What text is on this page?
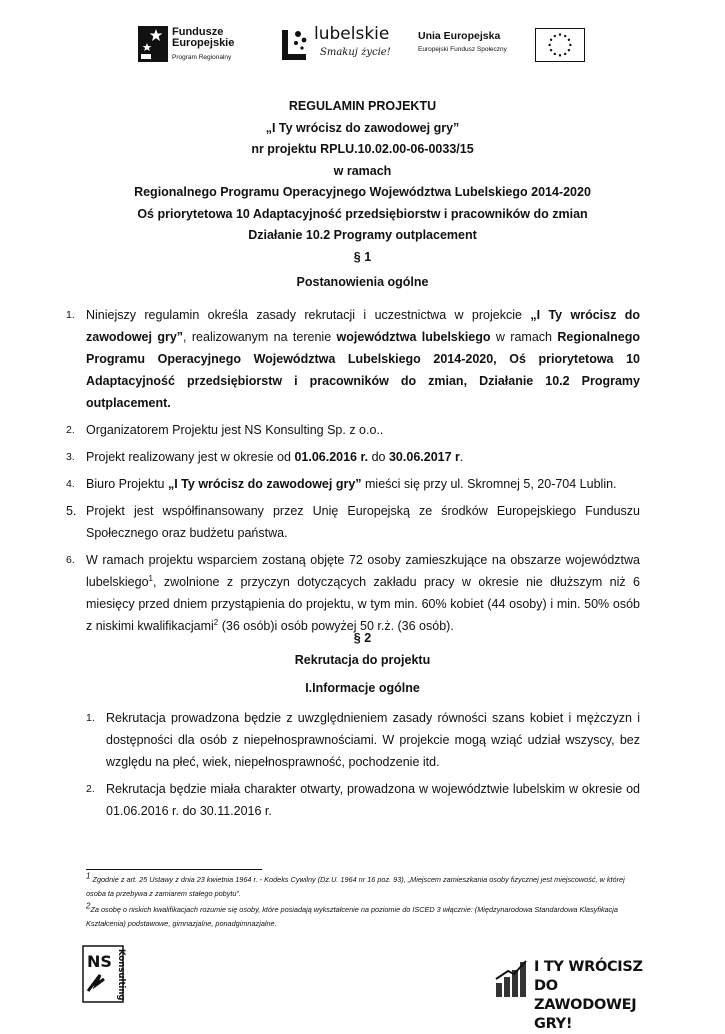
Fundusze
Europejskie
Program Regionalny
lubelskie
Smakuj życie!
Unia Europejska
Europejski Fundusz Społeczny
REGULAMIN PROJEKTU
„I Ty wrócisz do zawodowej gry”
nr projektu RPLU.10.02.00-06-0033/15
w ramach
Regionalnego Programu Operacyjnego Województwa Lubelskiego 2014-2020
Oś priorytetowa 10 Adaptacyjność przedsiębiorstw i pracowników do zmian
Działanie 10.2 Programy outplacement
§ 1
Postanowienia ogólne
1. Niniejszy regulamin określa zasady rekrutacji i uczestnictwa w projekcie „I Ty wrócisz do zawodowej gry”, realizowanym na terenie województwa lubelskiego w ramach Regionalnego Programu Operacyjnego Województwa Lubelskiego 2014-2020, Oś priorytetowa 10 Adaptacyjność przedsiębiorstw i pracowników do zmian, Działanie 10.2 Programy outplacement.
2. Organizatorem Projektu jest NS Konsulting Sp. z o.o..
3. Projekt realizowany jest w okresie od 01.06.2016 r. do 30.06.2017 r.
4. Biuro Projektu „I Ty wrócisz do zawodowej gry” mieści się przy ul. Skromnej 5, 20-704 Lublin.
5. Projekt jest współfinansowany przez Unię Europejską ze środków Europejskiego Funduszu Społecznego oraz budżetu państwa.
6. W ramach projektu wsparciem zostaną objęte 72 osoby zamieszkujące na obszarze województwa lubelskiego$^1$, zwolnione z przyczyn dotyczących zakładu pracy w okresie nie dłuższym niż 6 miesięcy przed dniem przystąpienia do projektu, w tym min. 60% kobiet (44 osoby) i min. 50% osób z niskimi kwalifikacjami$^2$ (36 osób)i osób powyżej 50 r.ż. (36 osób).
§ 2
Rekrutacja do projektu
I.Informacje ogólne
1. Rekrutacja prowadzona będzie z uwzględnieniem zasady równości szans kobiet i mężczyzn i dostępności dla osób z niepełnosprawnościami. W projekcie mogą wziąć udział wszyscy, bez względu na płeć, wiek, niepełnosprawność, pochodzenie itd.
2. Rekrutacja będzie miała charakter otwarty, prowadzona w województwie lubelskim w okresie od 01.06.2016 r. do 30.11.2016 r.
$^1$ Zgodnie z art. 25 Ustawy z dnia 23 kwietnia 1964 r. - Kodeks Cywilny (Dz.U. 1964 nr 16 poz. 93), „Miejscem zamieszkania osoby fizycznej jest miejscowość, w której osoba ta przebywa z zamiarem stałego pobytu”.
$^2$Za osobę o niskich kwalifikacjach rozumie się osoby, które posiadają wykształcenie na poziomie do ISCED 3 włącznie: (Międzynarodowa Standardowa Klasyfikacja Kształcenia) podstawowe, gimnazjalne, ponadgimnazjalne.
NS Konsulting	I TY WRÓCISZ DO
ZAWODOWEJ GRY!
